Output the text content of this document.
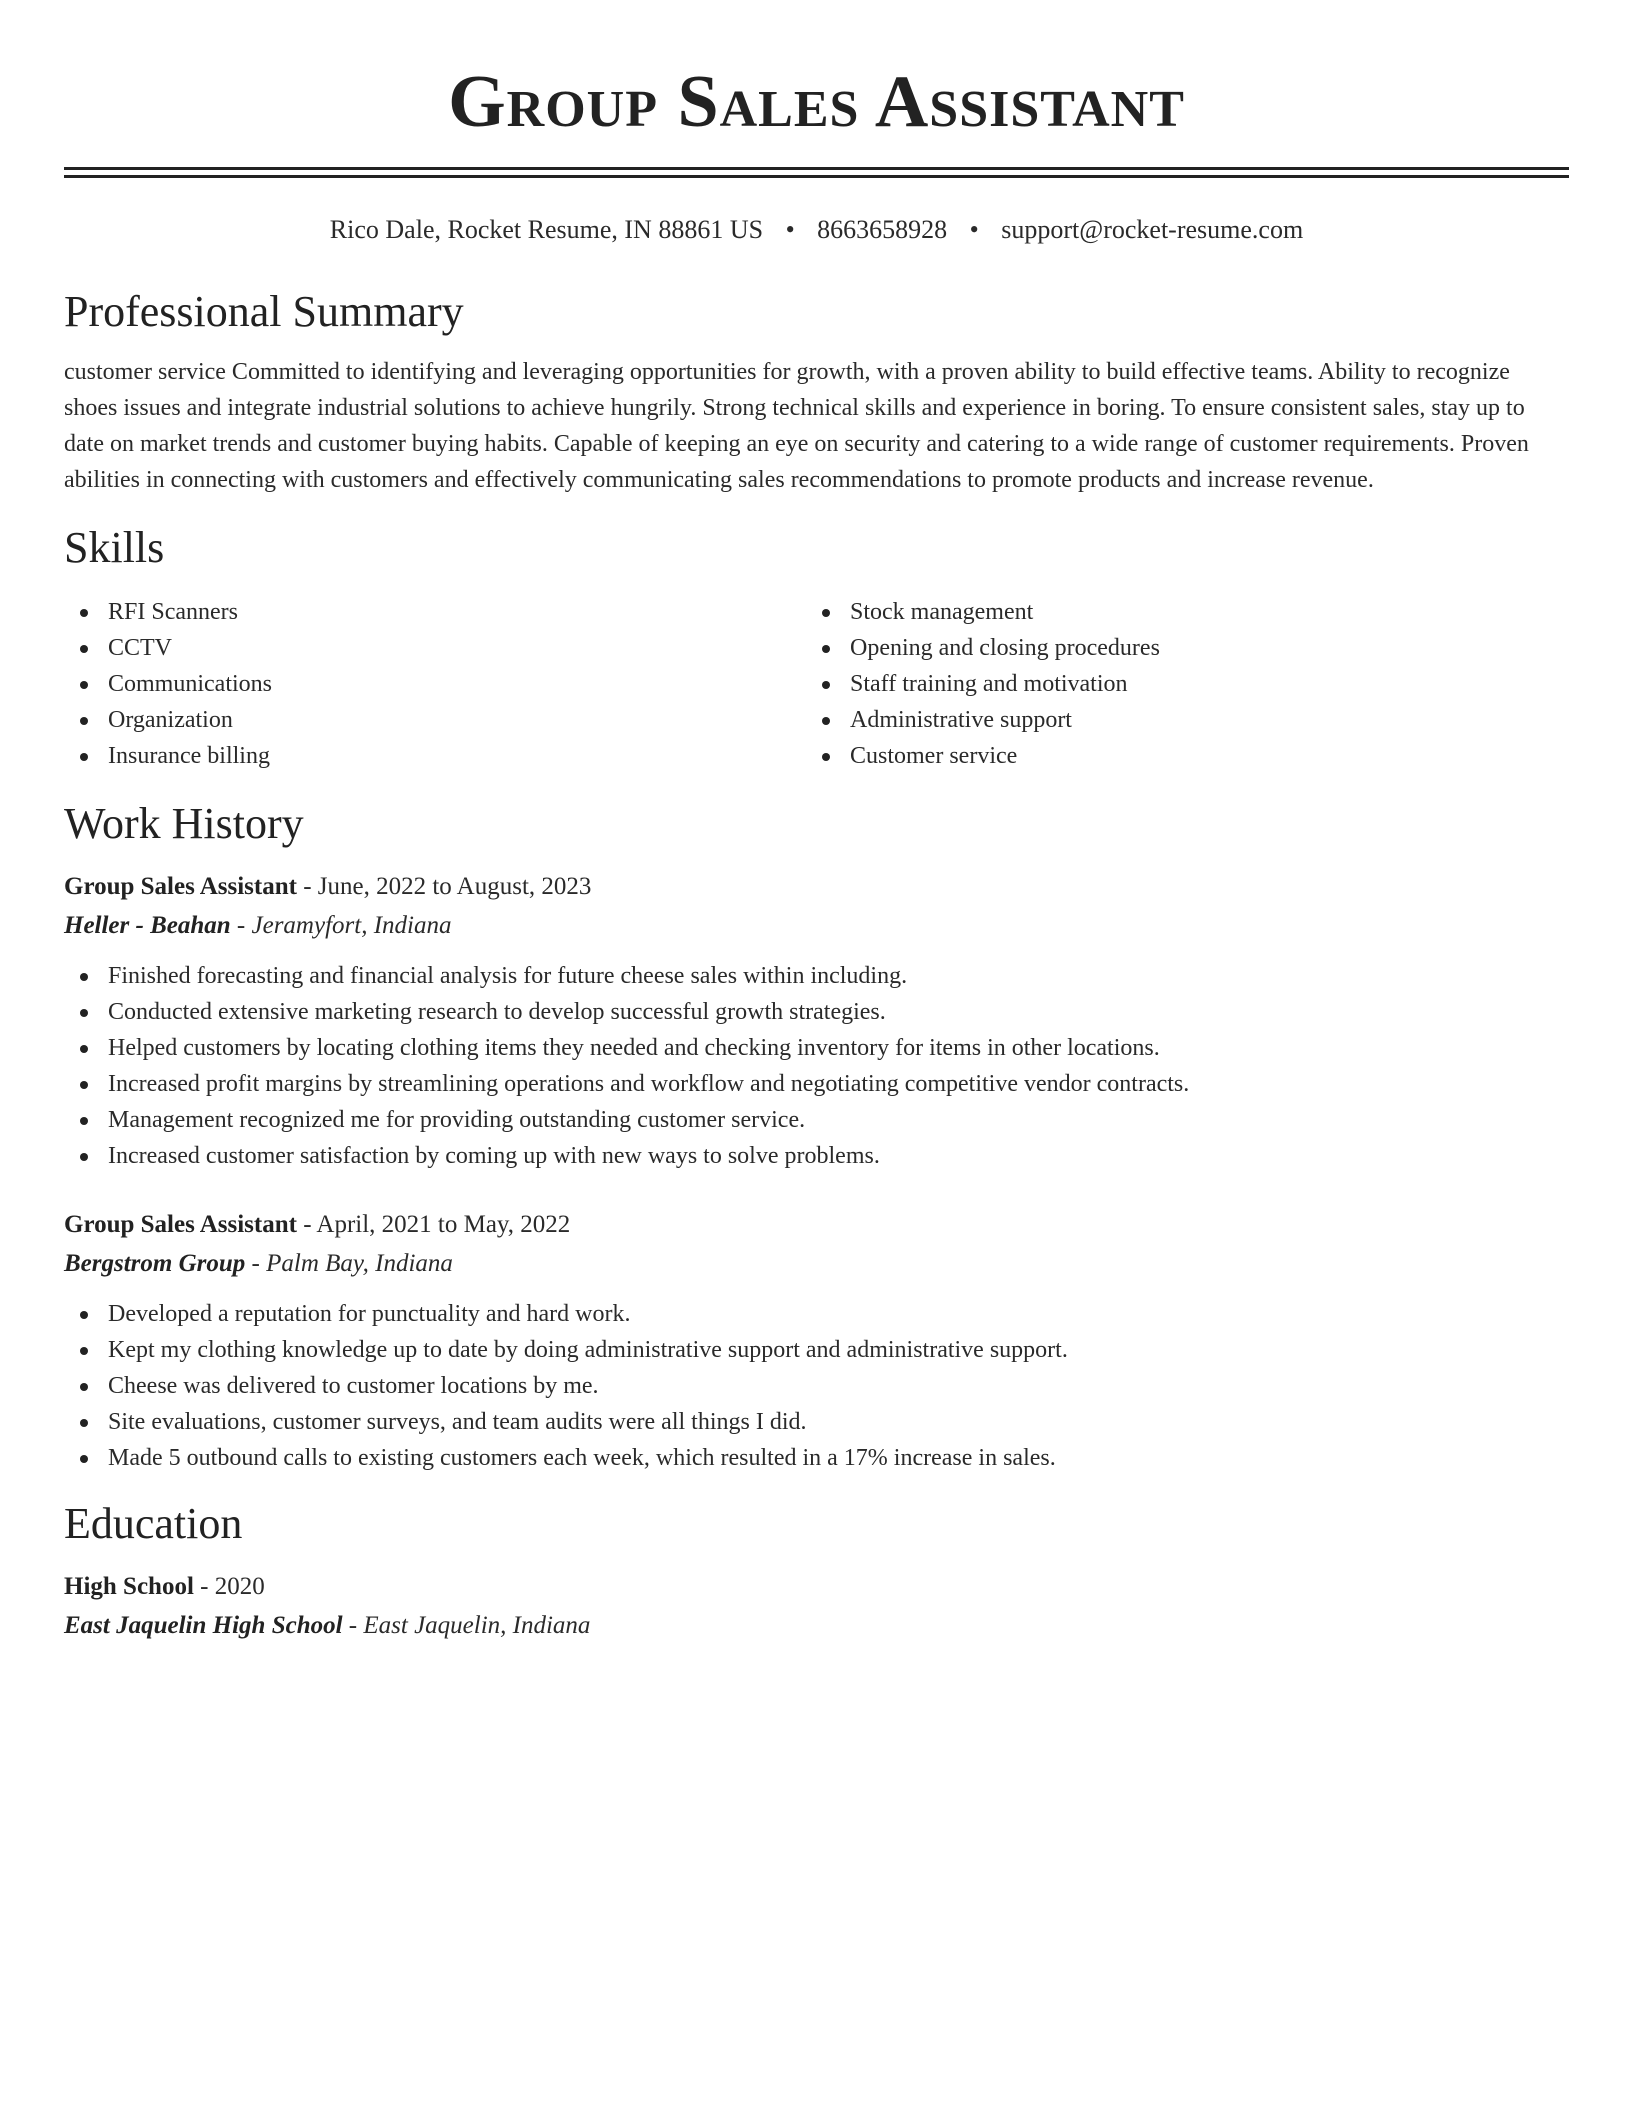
Group Sales Assistant
Rico Dale, Rocket Resume, IN 88861 US • 8663658928 • support@rocket-resume.com
Professional Summary

customer service Committed to identifying and leveraging opportunities for growth, with a proven ability to build effective teams. Ability to recognize shoes issues and integrate industrial solutions to achieve hungrily. Strong technical skills and experience in boring. To ensure consistent sales, stay up to date on market trends and customer buying habits. Capable of keeping an eye on security and catering to a wide range of customer requirements. Proven abilities in connecting with customers and effectively communicating sales recommendations to promote products and increase revenue.

Skills
RFI Scanners
CCTV
Communications
Organization
Insurance billing
Stock management
Opening and closing procedures
Staff training and motivation
Administrative support
Customer service
Work History
Group Sales Assistant - June, 2022 to August, 2023
Heller - Beahan - Jeramyfort, Indiana
Finished forecasting and financial analysis for future cheese sales within including.
Conducted extensive marketing research to develop successful growth strategies.
Helped customers by locating clothing items they needed and checking inventory for items in other locations.
Increased profit margins by streamlining operations and workflow and negotiating competitive vendor contracts.
Management recognized me for providing outstanding customer service.
Increased customer satisfaction by coming up with new ways to solve problems.
Group Sales Assistant - April, 2021 to May, 2022
Bergstrom Group - Palm Bay, Indiana
Developed a reputation for punctuality and hard work.
Kept my clothing knowledge up to date by doing administrative support and administrative support.
Cheese was delivered to customer locations by me.
Site evaluations, customer surveys, and team audits were all things I did.
Made 5 outbound calls to existing customers each week, which resulted in a 17% increase in sales.
Education
High School - 2020
East Jaquelin High School - East Jaquelin, Indiana
